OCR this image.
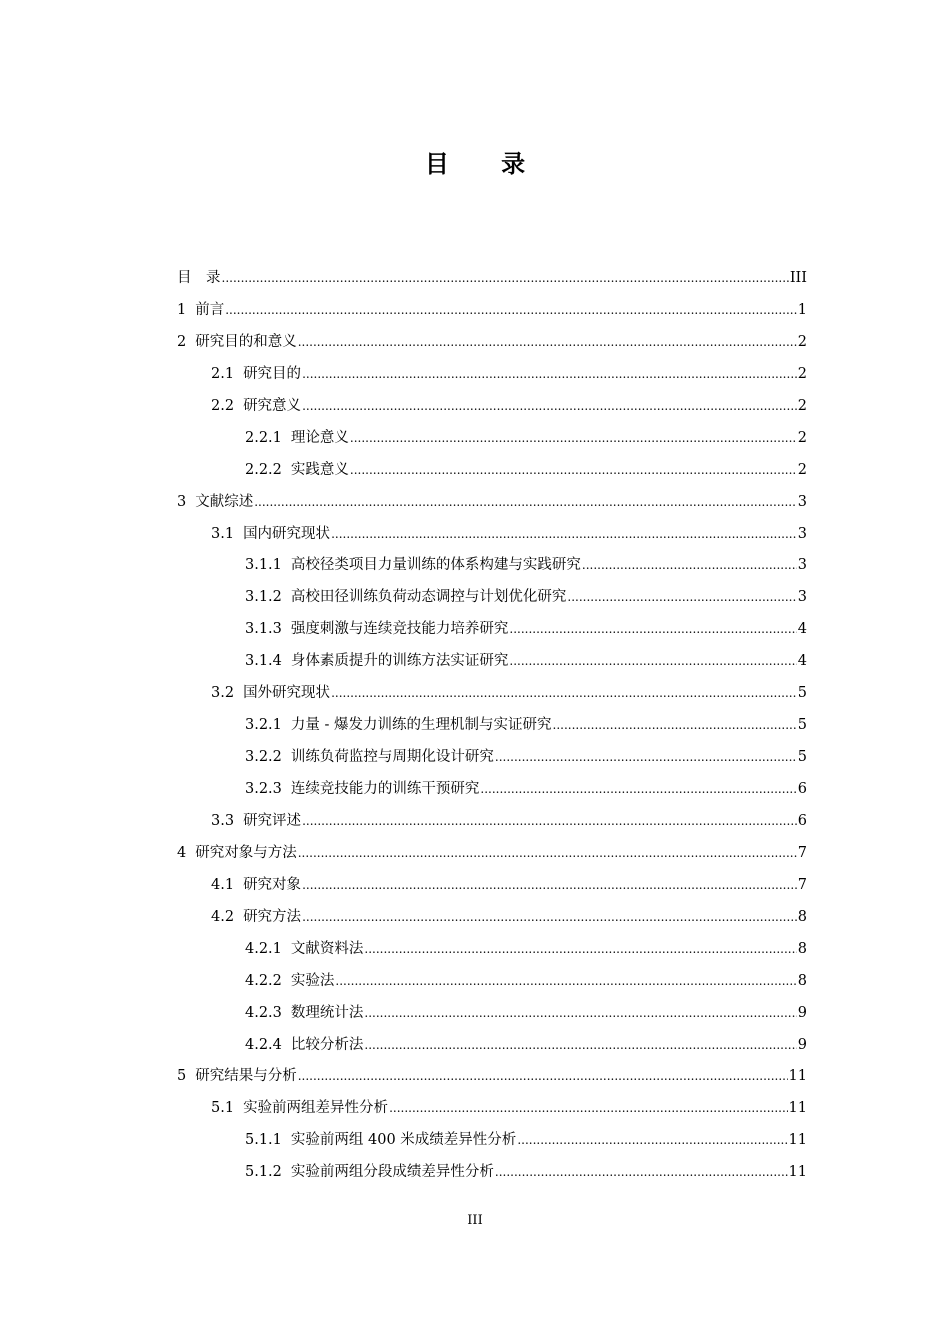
目 录
目　录 .....	III
1 前言 .....	1
2 研究目的和意义 .....	2
2.1 研究目的 .....	2
2.2 研究意义 .....	2
2.2.1 理论意义 .....	2
2.2.2 实践意义 .....	2
3 文献综述 .....	3
3.1 国内研究现状 .....	3
3.1.1 高校径类项目力量训练的体系构建与实践研究 .....	3
3.1.2 高校田径训练负荷动态调控与计划优化研究 .....	3
3.1.3 强度刺激与连续竞技能力培养研究 .....	4
3.1.4 身体素质提升的训练方法实证研究 .....	4
3.2 国外研究现状 .....	5
3.2.1 力量 - 爆发力训练的生理机制与实证研究 .....	5
3.2.2 训练负荷监控与周期化设计研究 .....	5
3.2.3 连续竞技能力的训练干预研究 .....	6
3.3 研究评述 .....	6
4 研究对象与方法 .....	7
4.1 研究对象 .....	7
4.2 研究方法 .....	8
4.2.1 文献资料法 .....	8
4.2.2 实验法 .....	8
4.2.3 数理统计法 .....	9
4.2.4 比较分析法 .....	9
5 研究结果与分析 .....	11
5.1 实验前两组差异性分析 .....	11
5.1.1 实验前两组 400 米成绩差异性分析 .....	11
5.1.2 实验前两组分段成绩差异性分析 .....	11
III
